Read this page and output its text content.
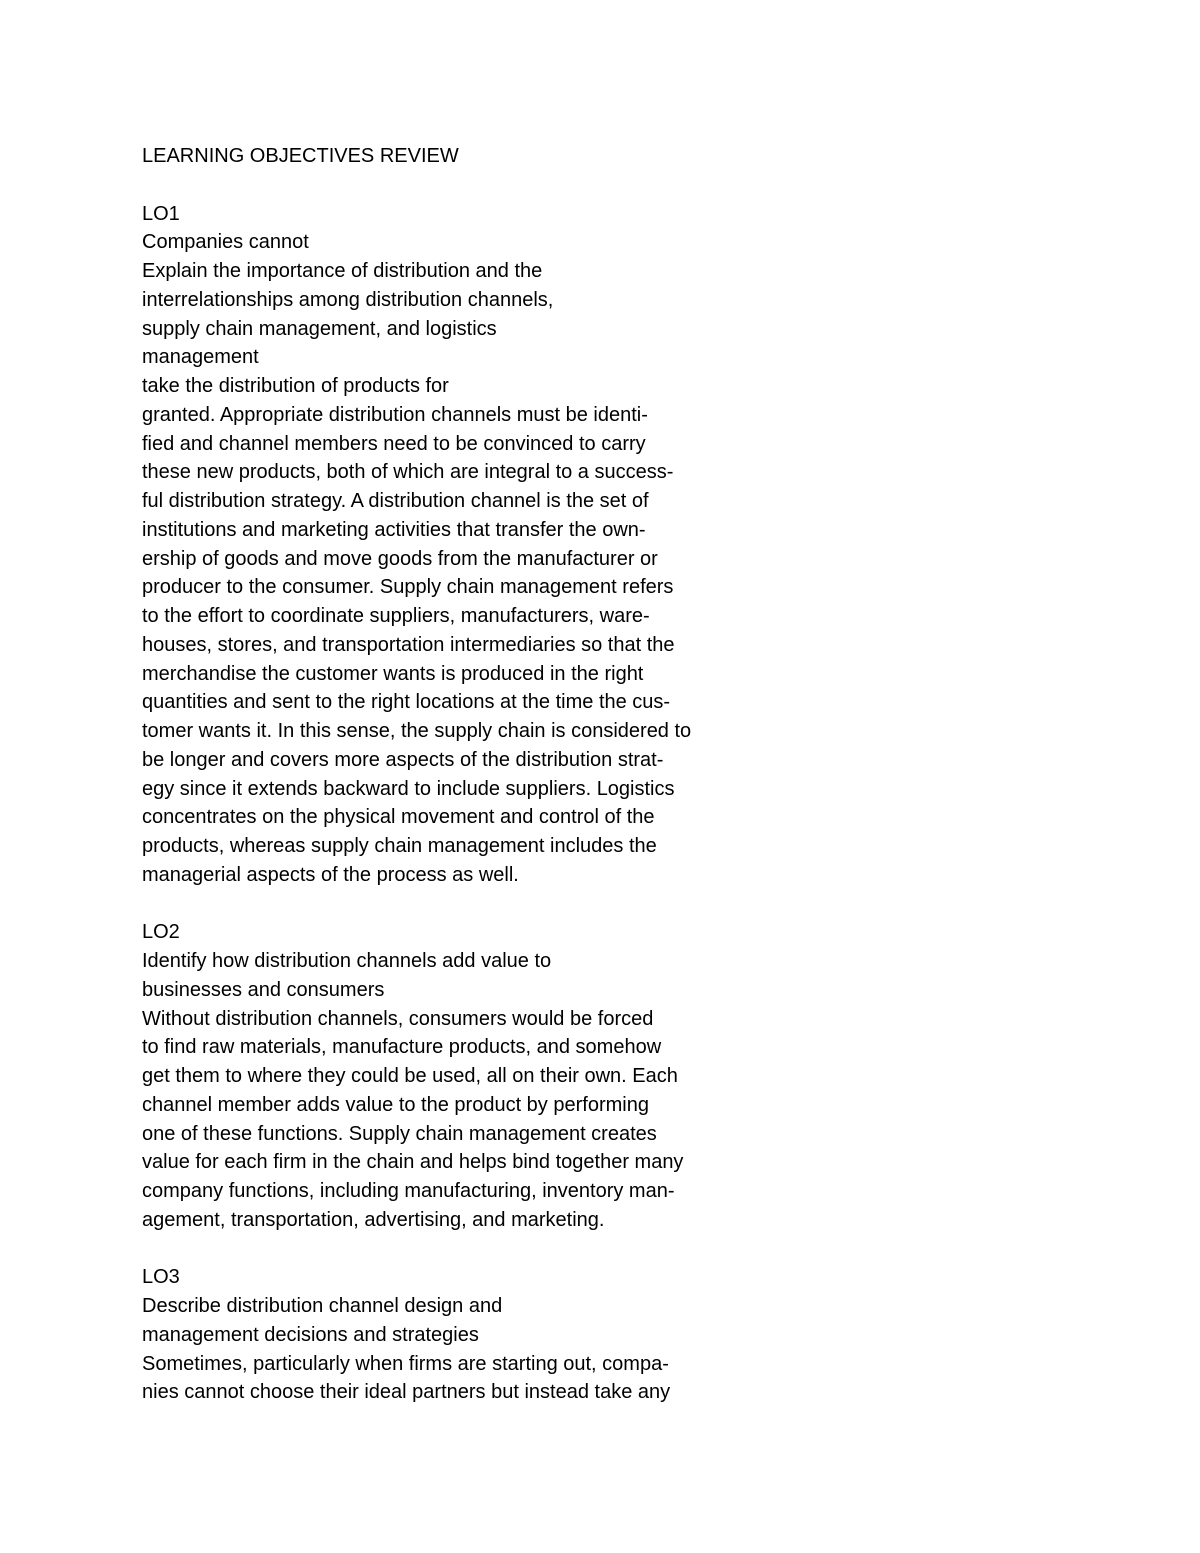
LEARNING OBJECTIVES REVIEW
LO1
Companies cannot
Explain the importance of distribution and the
interrelationships among distribution channels,
supply chain management, and logistics
management
take the distribution of products for
granted. Appropriate distribution channels must be identi-
fied and channel members need to be convinced to carry
these new products, both of which are integral to a success-
ful distribution strategy. A distribution channel is the set of
institutions and marketing activities that transfer the own-
ership of goods and move goods from the manufacturer or
producer to the consumer. Supply chain management refers
to the effort to coordinate suppliers, manufacturers, ware-
houses, stores, and transportation intermediaries so that the
merchandise the customer wants is produced in the right
quantities and sent to the right locations at the time the cus-
tomer wants it. In this sense, the supply chain is considered to
be longer and covers more aspects of the distribution strat-
egy since it extends backward to include suppliers. Logistics
concentrates on the physical movement and control of the
products, whereas supply chain management includes the
managerial aspects of the process as well.
LO2
Identify how distribution channels add value to
businesses and consumers
Without distribution channels, consumers would be forced
to find raw materials, manufacture products, and somehow
get them to where they could be used, all on their own. Each
channel member adds value to the product by performing
one of these functions. Supply chain management creates
value for each firm in the chain and helps bind together many
company functions, including manufacturing, inventory man-
agement, transportation, advertising, and marketing.
LO3
Describe distribution channel design and
management decisions and strategies
Sometimes, particularly when firms are starting out, compa-
nies cannot choose their ideal partners but instead take any
